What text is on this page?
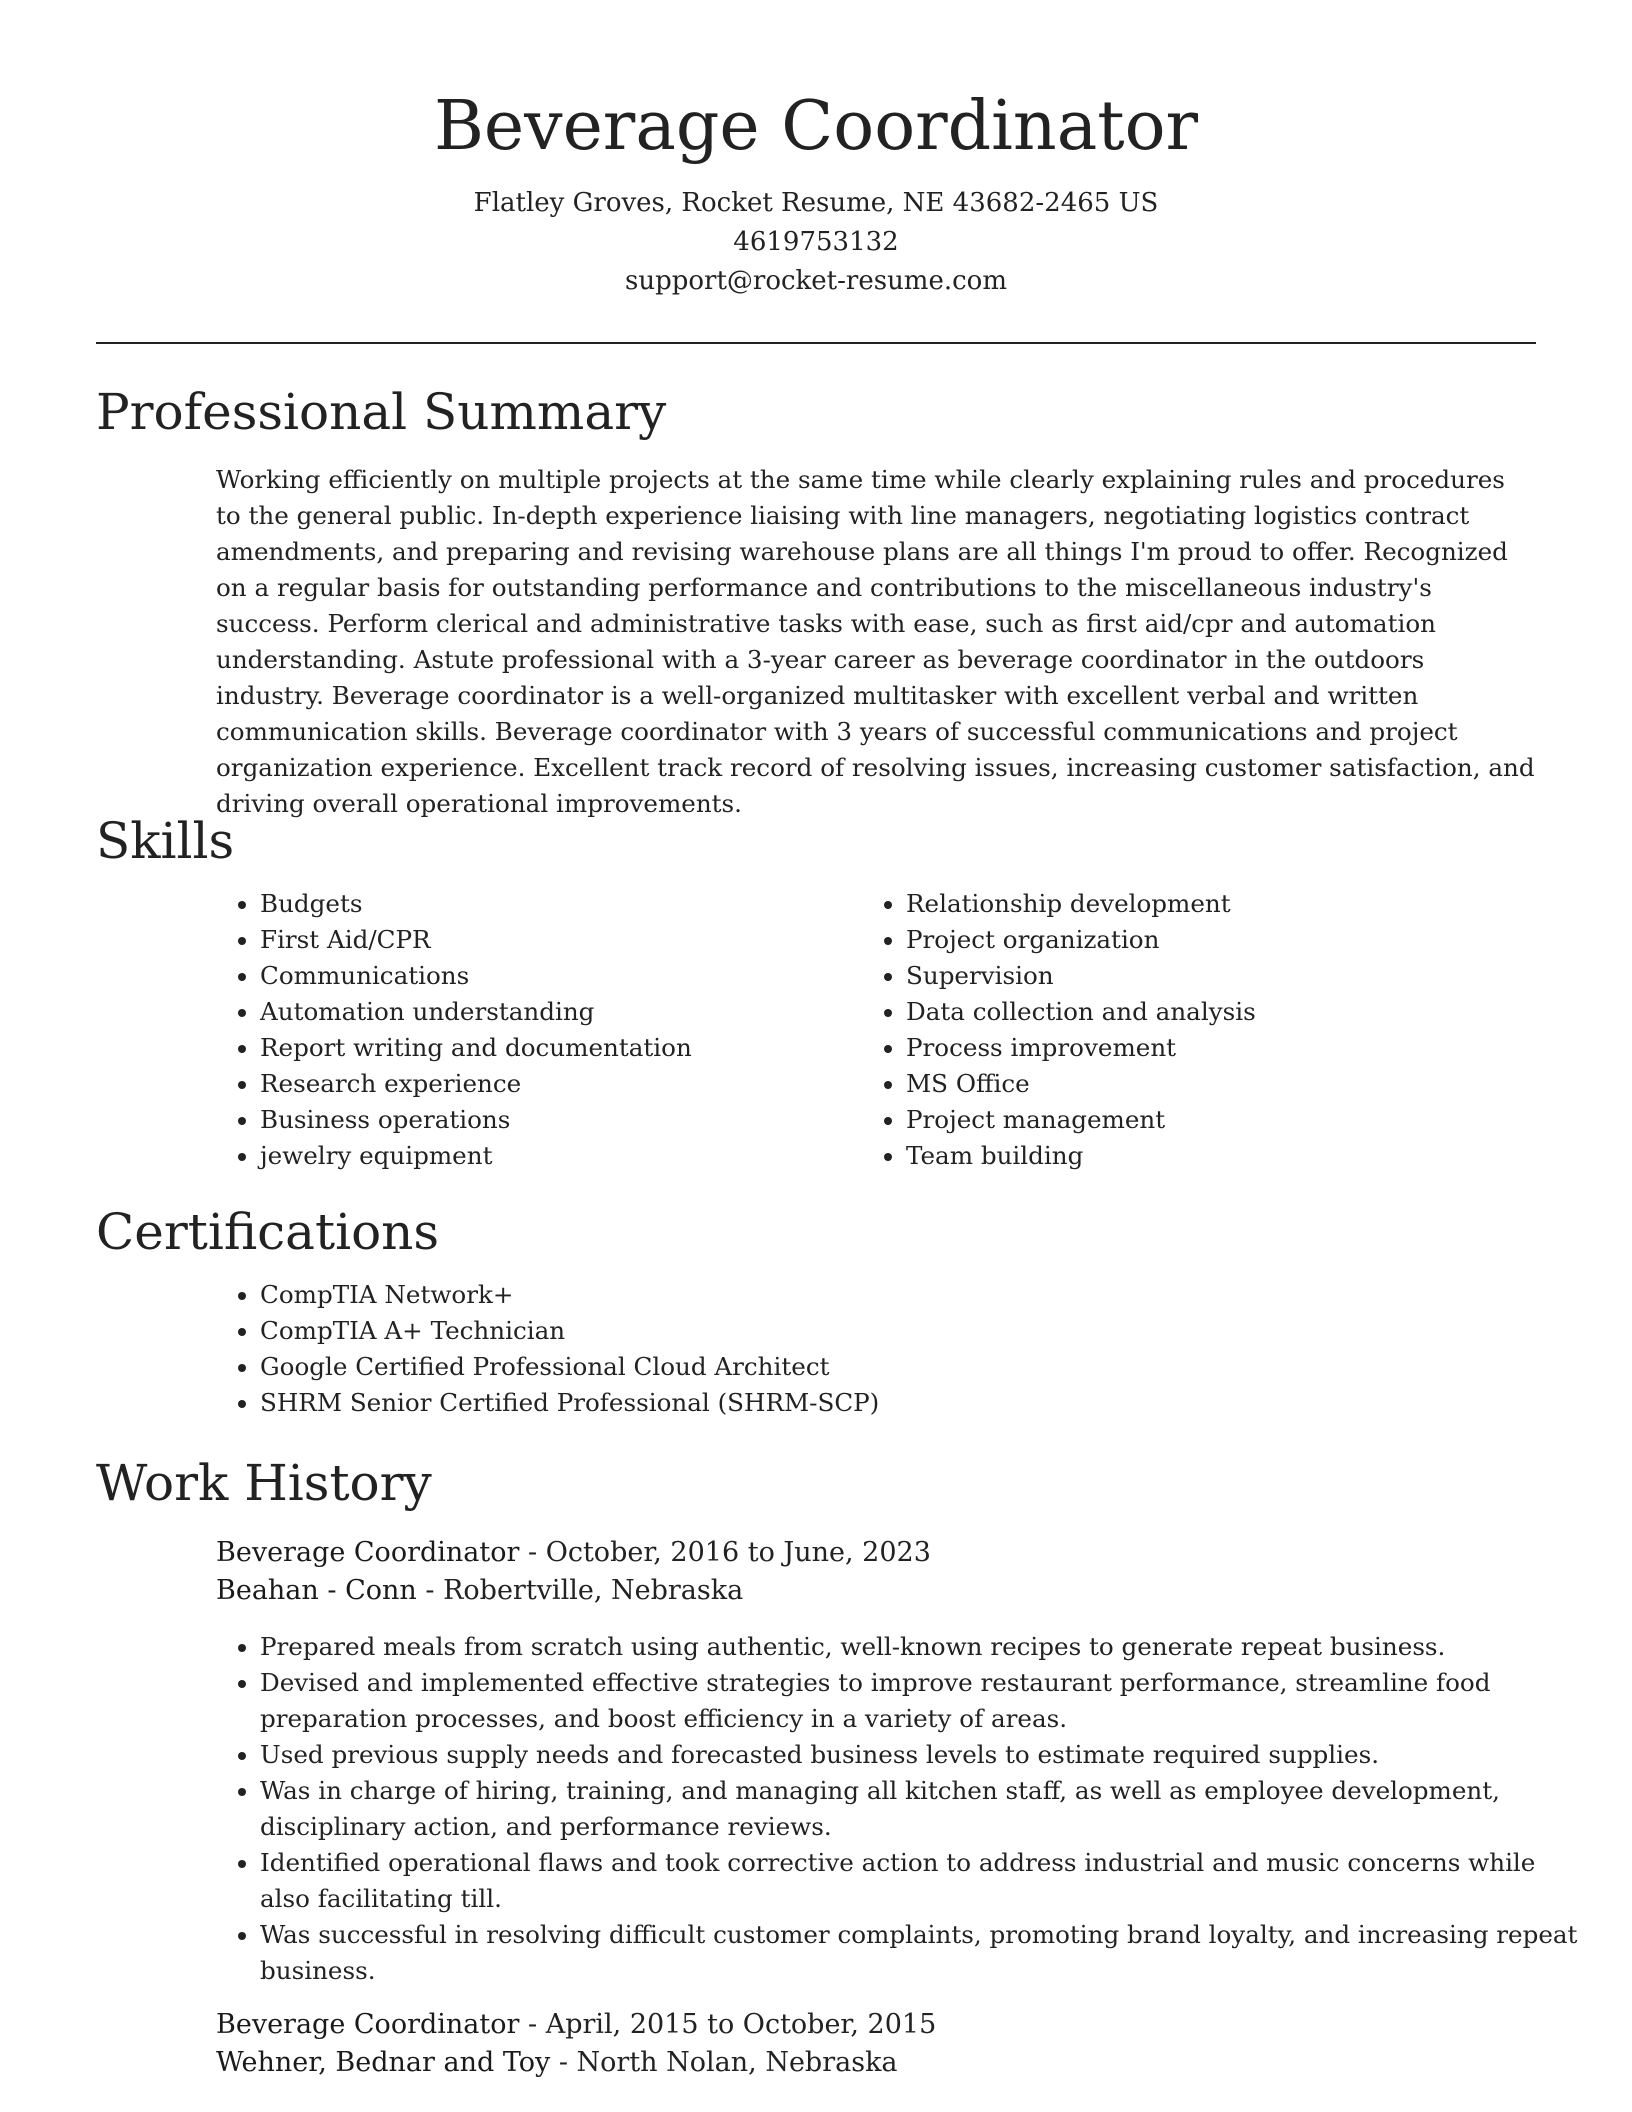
Beverage Coordinator
Flatley Groves, Rocket Resume, NE 43682-2465 US
4619753132
support@rocket-resume.com
Professional Summary

Working efficiently on multiple projects at the same time while clearly explaining rules and procedures to the general public. In-depth experience liaising with line managers, negotiating logistics contract amendments, and preparing and revising warehouse plans are all things I'm proud to offer. Recognized on a regular basis for outstanding performance and contributions to the miscellaneous industry's success. Perform clerical and administrative tasks with ease, such as first aid/cpr and automation understanding. Astute professional with a 3-year career as beverage coordinator in the outdoors industry. Beverage coordinator is a well-organized multitasker with excellent verbal and written communication skills. Beverage coordinator with 3 years of successful communications and project organization experience. Excellent track record of resolving issues, increasing customer satisfaction, and driving overall operational improvements.

Skills
• Budgets
• First Aid/CPR
• Communications
• Automation understanding
• Report writing and documentation
• Research experience
• Business operations
• jewelry equipment
• Relationship development
• Project organization
• Supervision
• Data collection and analysis
• Process improvement
• MS Office
• Project management
• Team building
Certifications
• CompTIA Network+
• CompTIA A+ Technician
• Google Certified Professional Cloud Architect
• SHRM Senior Certified Professional (SHRM-SCP)
Work History
Beverage Coordinator - October, 2016 to June, 2023
Beahan - Conn - Robertville, Nebraska
• Prepared meals from scratch using authentic, well-known recipes to generate repeat business.
• Devised and implemented effective strategies to improve restaurant performance, streamline food preparation processes, and boost efficiency in a variety of areas.
• Used previous supply needs and forecasted business levels to estimate required supplies.
• Was in charge of hiring, training, and managing all kitchen staff, as well as employee development, disciplinary action, and performance reviews.
• Identified operational flaws and took corrective action to address industrial and music concerns while also facilitating till.
• Was successful in resolving difficult customer complaints, promoting brand loyalty, and increasing repeat business.
Beverage Coordinator - April, 2015 to October, 2015
Wehner, Bednar and Toy - North Nolan, Nebraska
